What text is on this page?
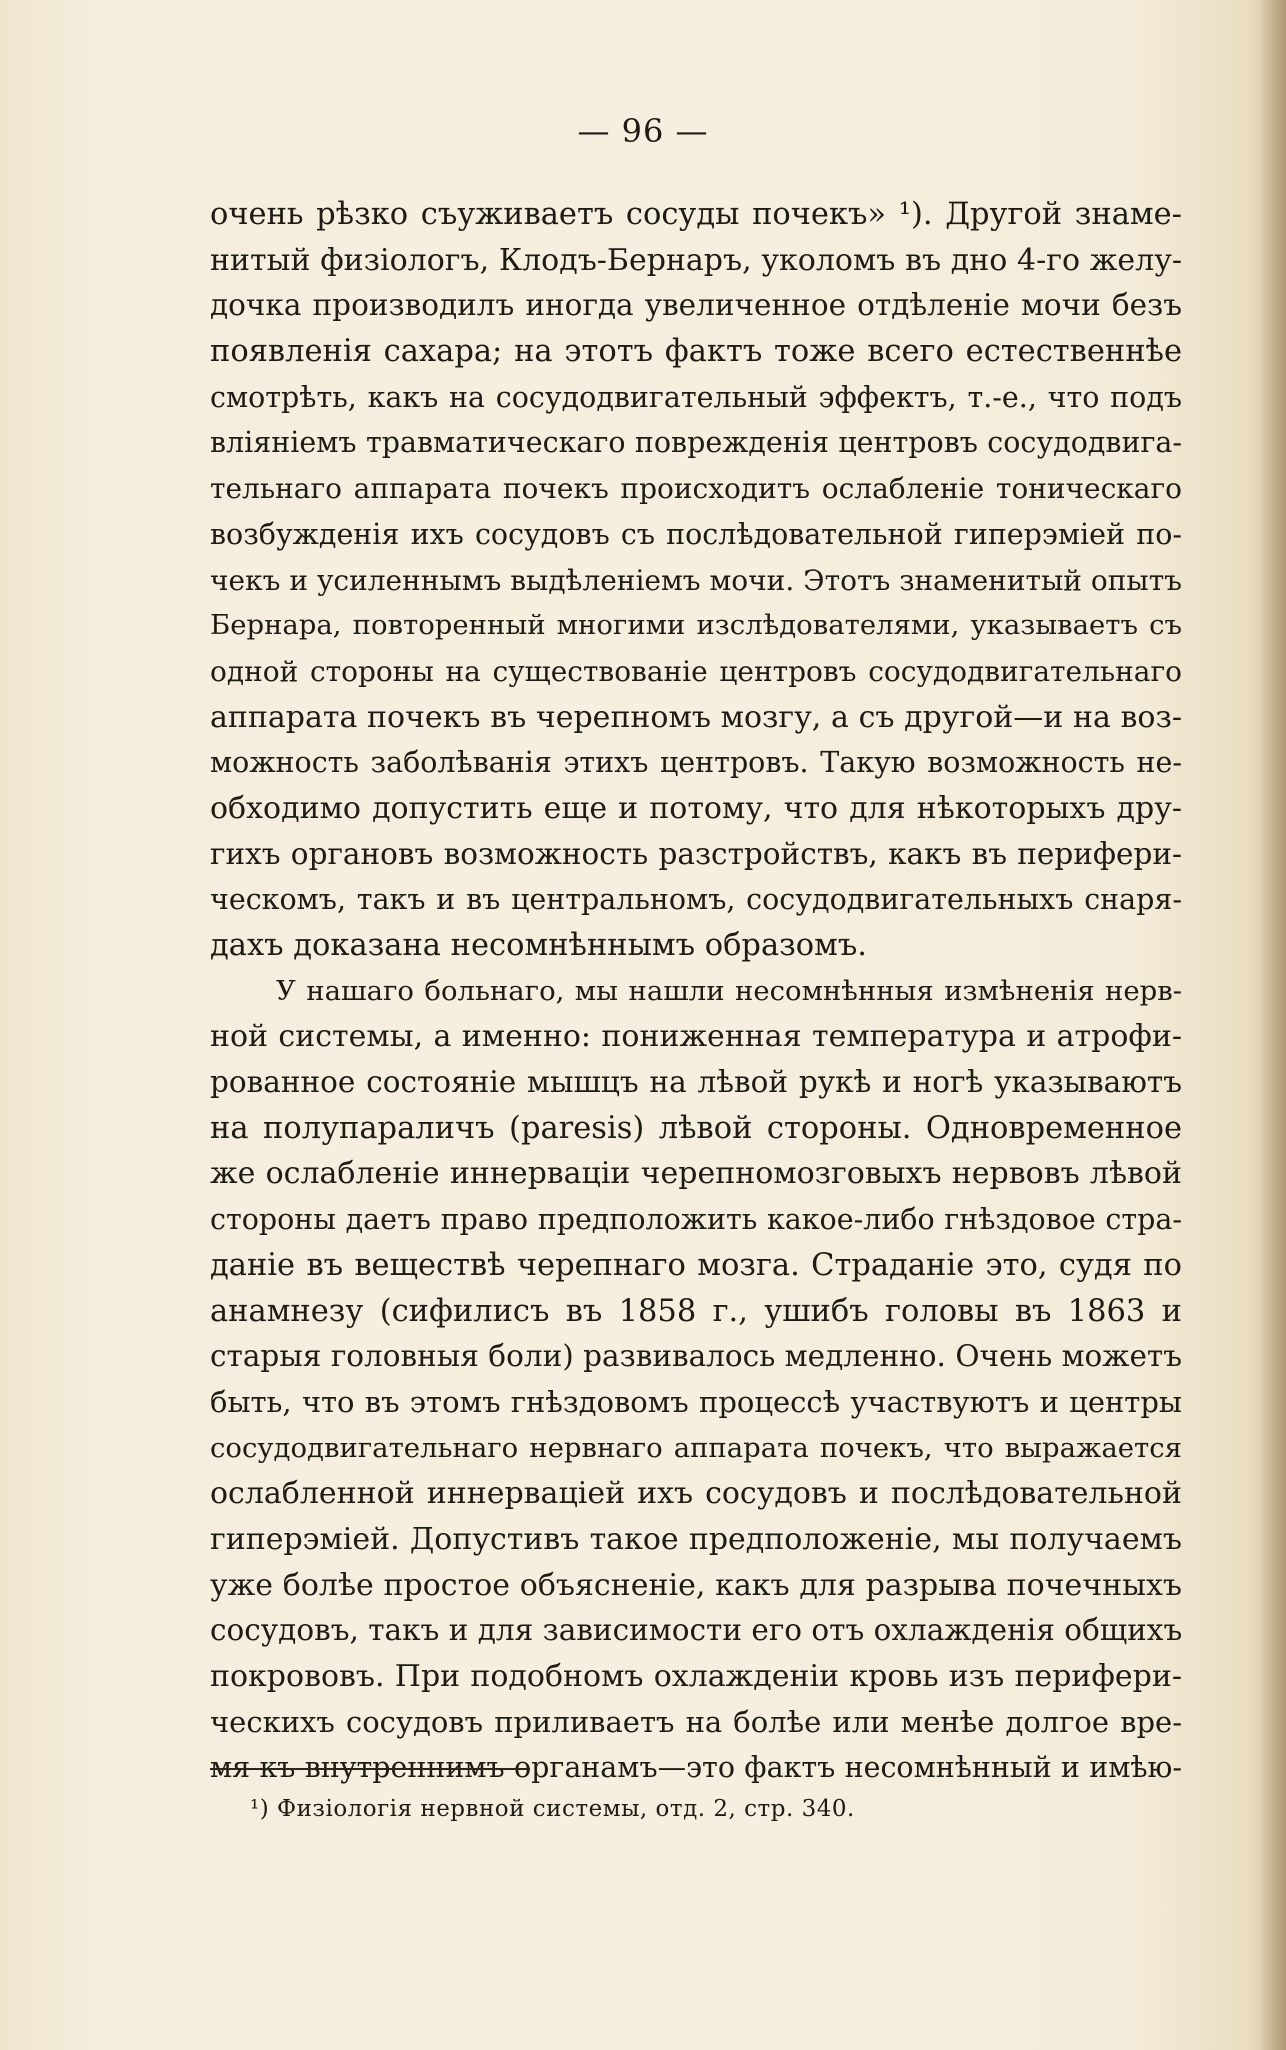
— 96 —
очень рѣзко съуживаетъ сосуды почекъ» ¹). Другой знаме-
нитый физіологъ, Клодъ-Бернаръ, уколомъ въ дно 4-го желу-
дочка производилъ иногда увеличенное отдѣленіе мочи безъ
появленія сахара; на этотъ фактъ тоже всего естественнѣе
смотрѣть, какъ на сосудодвигательный эффектъ, т.-е., что подъ
вліяніемъ травматическаго поврежденія центровъ сосудодвига-
тельнаго аппарата почекъ происходитъ ослабленіе тоническаго
возбужденія ихъ сосудовъ съ послѣдовательной гиперэміей по-
чекъ и усиленнымъ выдѣленіемъ мочи. Этотъ знаменитый опытъ
Бернара, повторенный многими изслѣдователями, указываетъ съ
одной стороны на существованіе центровъ сосудодвигательнаго
аппарата почекъ въ черепномъ мозгу, а съ другой—и на воз-
можность заболѣванія этихъ центровъ. Такую возможность не-
обходимо допустить еще и потому, что для нѣкоторыхъ дру-
гихъ органовъ возможность разстройствъ, какъ въ перифери-
ческомъ, такъ и въ центральномъ, сосудодвигательныхъ снаря-
дахъ доказана несомнѣннымъ образомъ.
У нашаго больнаго, мы нашли несомнѣнныя измѣненія нерв-
ной системы, а именно: пониженная температура и атрофи-
рованное состояніе мышцъ на лѣвой рукѣ и ногѣ указываютъ
на полупараличъ (paresis) лѣвой стороны. Одновременное
же ослабленіе иннерваціи черепномозговыхъ нервовъ лѣвой
стороны даетъ право предположить какое-либо гнѣздовое стра-
даніе въ веществѣ черепнаго мозга. Страданіе это, судя по
анамнезу (сифилисъ въ 1858 г., ушибъ головы въ 1863 и
старыя головныя боли) развивалось медленно. Очень можетъ
быть, что въ этомъ гнѣздовомъ процессѣ участвуютъ и центры
сосудодвигательнаго нервнаго аппарата почекъ, что выражается
ослабленной иннерваціей ихъ сосудовъ и послѣдовательной
гиперэміей. Допустивъ такое предположеніе, мы получаемъ
уже болѣе простое объясненіе, какъ для разрыва почечныхъ
сосудовъ, такъ и для зависимости его отъ охлажденія общихъ
покрововъ. При подобномъ охлажденіи кровь изъ перифери-
ческихъ сосудовъ приливаетъ на болѣе или менѣе долгое вре-
мя къ внутреннимъ органамъ—это фактъ несомнѣнный и имѣю-
¹) Физіологія нервной системы, отд. 2, стр. 340.
